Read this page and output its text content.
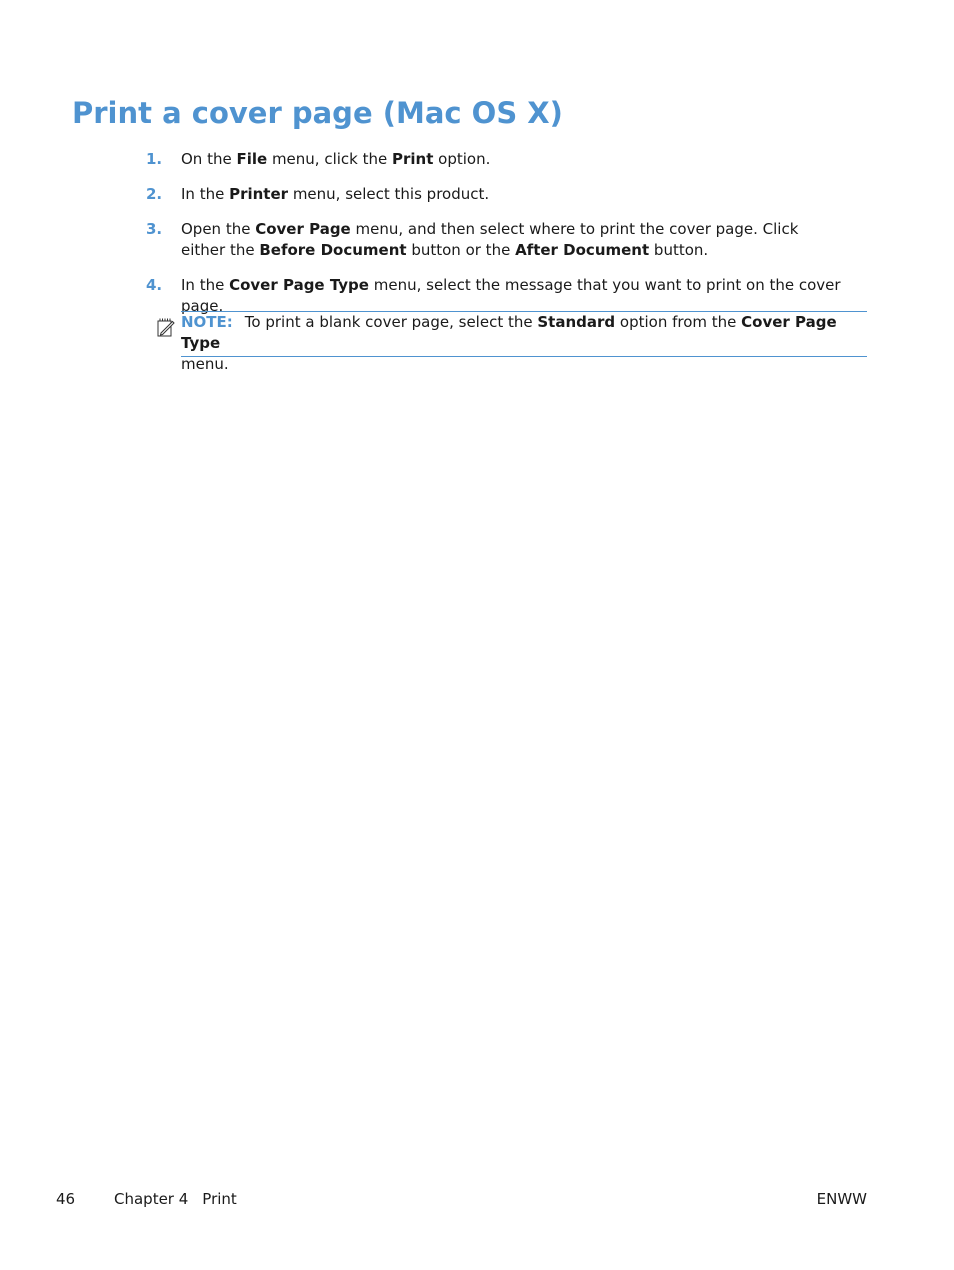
Print a cover page (Mac OS X)
1.	On the File menu, click the Print option.
2.	In the Printer menu, select this product.
3.	Open the Cover Page menu, and then select where to print the cover page. Click either the Before Document button or the After Document button.
4.	In the Cover Page Type menu, select the message that you want to print on the cover page.
NOTE: To print a blank cover page, select the Standard option from the Cover Page Type
menu.
46	Chapter 4 Print	ENWW
